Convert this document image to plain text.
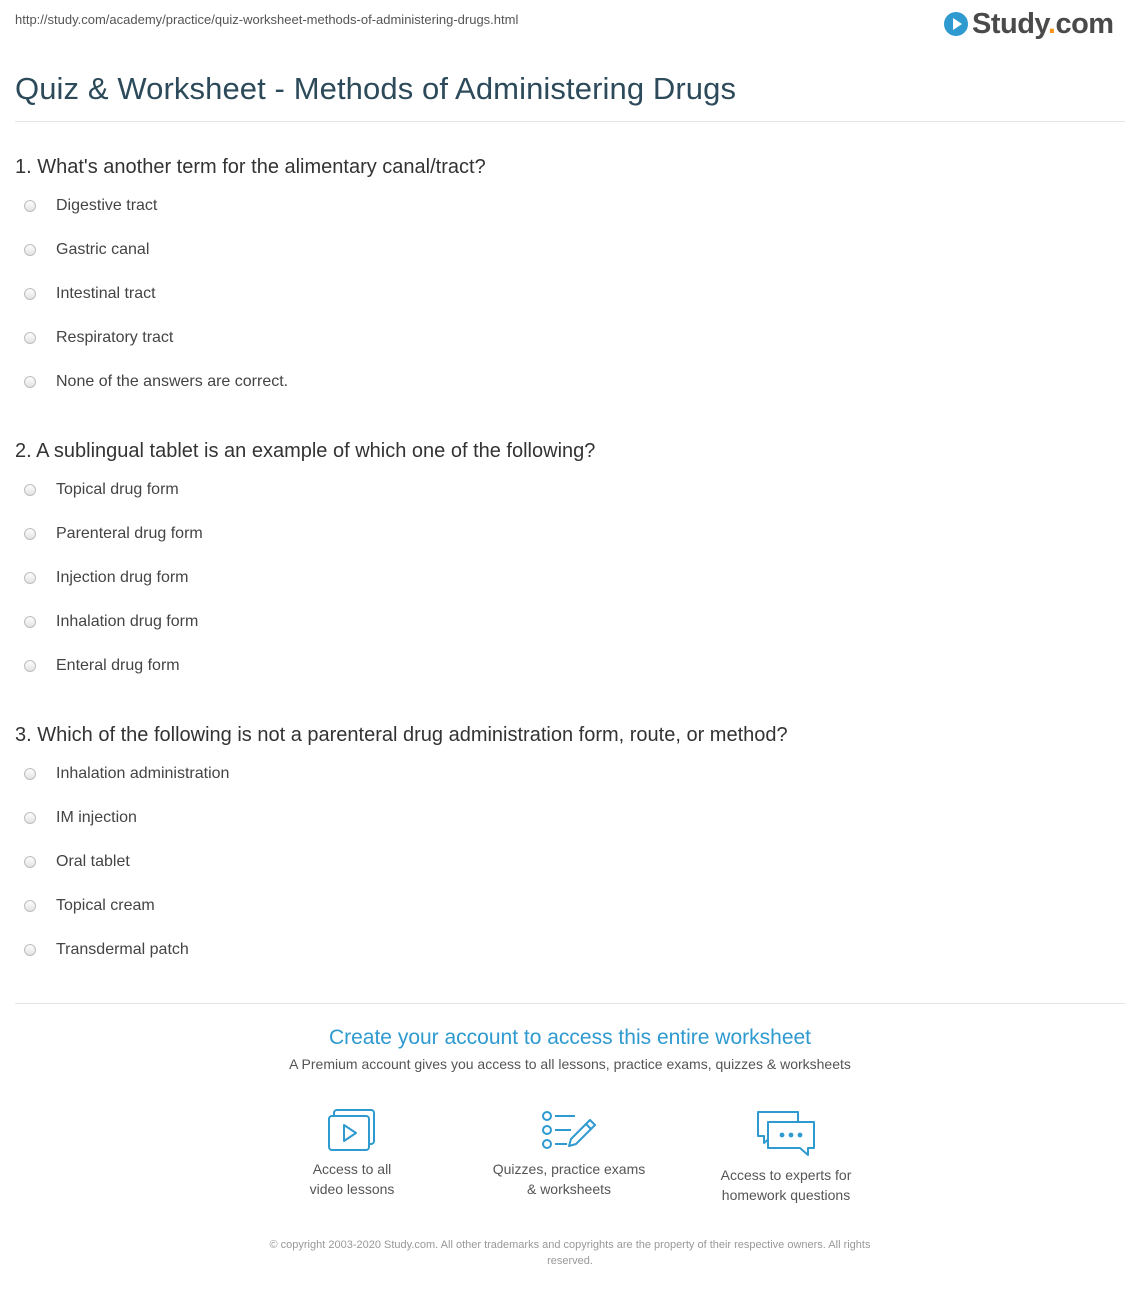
http://study.com/academy/practice/quiz-worksheet-methods-of-administering-drugs.html	Study.com
Quiz & Worksheet - Methods of Administering Drugs
1. What's another term for the alimentary canal/tract?
Digestive tract
Gastric canal
Intestinal tract
Respiratory tract
None of the answers are correct.
2. A sublingual tablet is an example of which one of the following?
Topical drug form
Parenteral drug form
Injection drug form
Inhalation drug form
Enteral drug form
3. Which of the following is not a parenteral drug administration form, route, or method?
Inhalation administration
IM injection
Oral tablet
Topical cream
Transdermal patch
Create your account to access this entire worksheet
A Premium account gives you access to all lessons, practice exams, quizzes & worksheets
Access to all
video lessons
Quizzes, practice exams
& worksheets
Access to experts for
homework questions
© copyright 2003-2020 Study.com. All other trademarks and copyrights are the property of their respective owners. All rights
reserved.
